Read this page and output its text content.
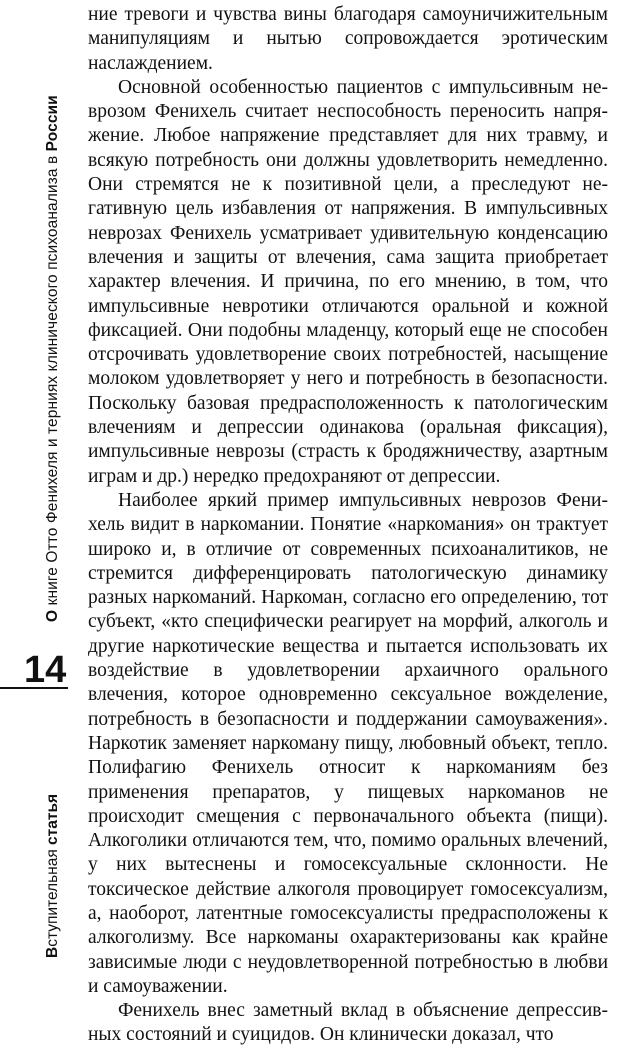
О книге Отто Фенихеля и терниях клинического психоанализа в России
14
Вступительная статья

ние тревоги и чувства вины благодаря самоуничижительным манипуляциям и нытью сопровождается эротическим наслаждением.

Основной особенностью пациентов с импульсивным неврозом Фенихель считает неспособность переносить напряжение. Любое напряжение представляет для них травму, и всякую потребность они должны удовлетворить немедленно. Они стремятся не к позитивной цели, а преследуют негативную цель избавления от напряжения. В импульсивных неврозах Фенихель усматривает удивительную конденсацию влечения и защиты от влечения, сама защита приобретает характер влечения. И причина, по его мнению, в том, что импульсивные невротики отличаются оральной и кожной фиксацией. Они подобны младенцу, который еще не способен отсрочивать удовлетворение своих потребностей, насыщение молоком удовлетворяет у него и потребность в безопасности. Поскольку базовая предрасположенность к патологическим влечениям и депрессии одинакова (оральная фиксация), импульсивные неврозы (страсть к бродяжничеству, азартным играм и др.) нередко предохраняют от депрессии.

Наиболее яркий пример импульсивных неврозов Фенихель видит в наркомании. Понятие «наркомания» он трактует широко и, в отличие от современных психоаналитиков, не стремится дифференцировать патологическую динамику разных наркоманий. Наркоман, согласно его определению, тот субъект, «кто специфически реагирует на морфий, алкоголь и другие наркотические вещества и пытается использовать их воздействие в удовлетворении архаичного орального влечения, которое одновременно сексуальное вожделение, потребность в безопасности и поддержании самоуважения». Наркотик заменяет наркоману пищу, любовный объект, тепло. Полифагию Фенихель относит к наркоманиям без применения препаратов, у пищевых наркоманов не происходит смещения с первоначального объекта (пищи). Алкоголики отличаются тем, что, помимо оральных влечений, у них вытеснены и гомосексуальные склонности. Не токсическое действие алкоголя провоцирует гомосексуализм, а, наоборот, латентные гомосексуалисты предрасположены к алкоголизму. Все наркоманы охарактеризованы как крайне зависимые люди с неудовлетворенной потребностью в любви и самоуважении.

Фенихель внес заметный вклад в объяснение депрессивных состояний и суицидов. Он клинически доказал, что
